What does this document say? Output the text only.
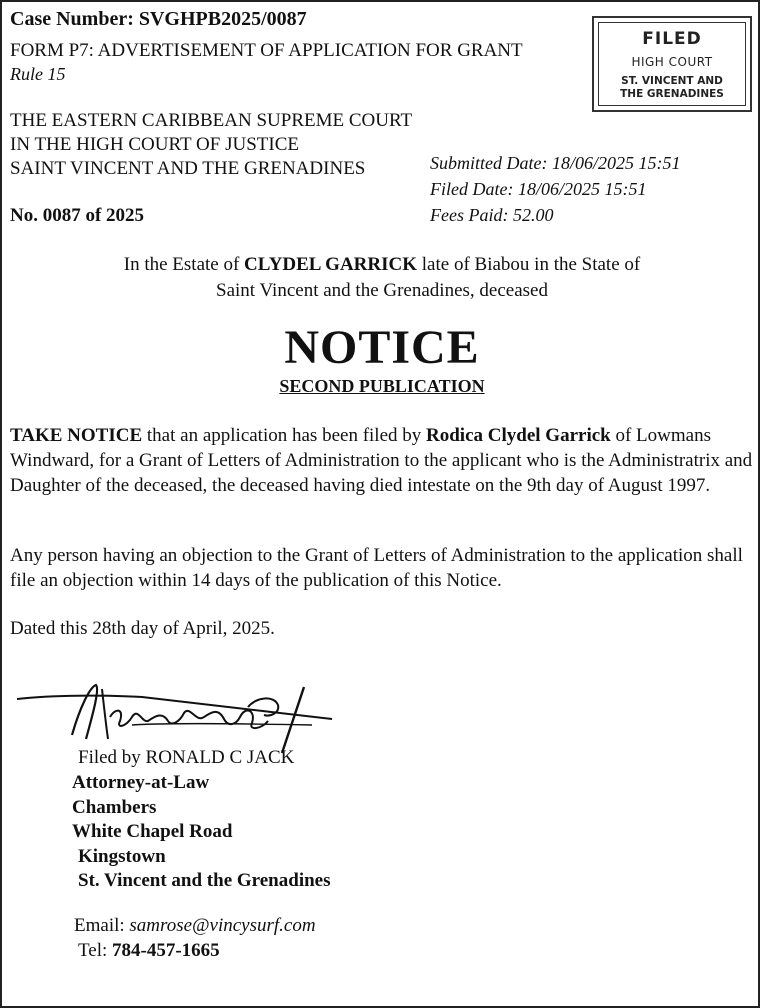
Case Number: SVGHPB2025/0087
FORM P7: ADVERTISEMENT OF APPLICATION FOR GRANT
Rule 15
FILED
HIGH COURT
ST. VINCENT AND
THE GRENADINES
THE EASTERN CARIBBEAN SUPREME COURT
IN THE HIGH COURT OF JUSTICE
SAINT VINCENT AND THE GRENADINES	Submitted Date: 18/06/2025 15:51
Filed Date: 18/06/2025 15:51
Fees Paid: 52.00
No. 0087 of 2025
In the Estate of CLYDEL GARRICK late of Biabou in the State of
Saint Vincent and the Grenadines, deceased
NOTICE
SECOND PUBLICATION
TAKE NOTICE that an application has been filed by Rodica Clydel Garrick of Lowmans Windward, for a Grant of Letters of Administration to the applicant who is the Administratrix and Daughter of the deceased, the deceased having died intestate on the 9th day of August 1997.
Any person having an objection to the Grant of Letters of Administration to the application shall file an objection within 14 days of the publication of this Notice.
Dated this 28th day of April, 2025.
Filed by RONALD C JACK
Attorney-at-Law
Chambers
White Chapel Road
Kingstown
St. Vincent and the Grenadines
Email: samrose@vincysurf.com
Tel: 784-457-1665
